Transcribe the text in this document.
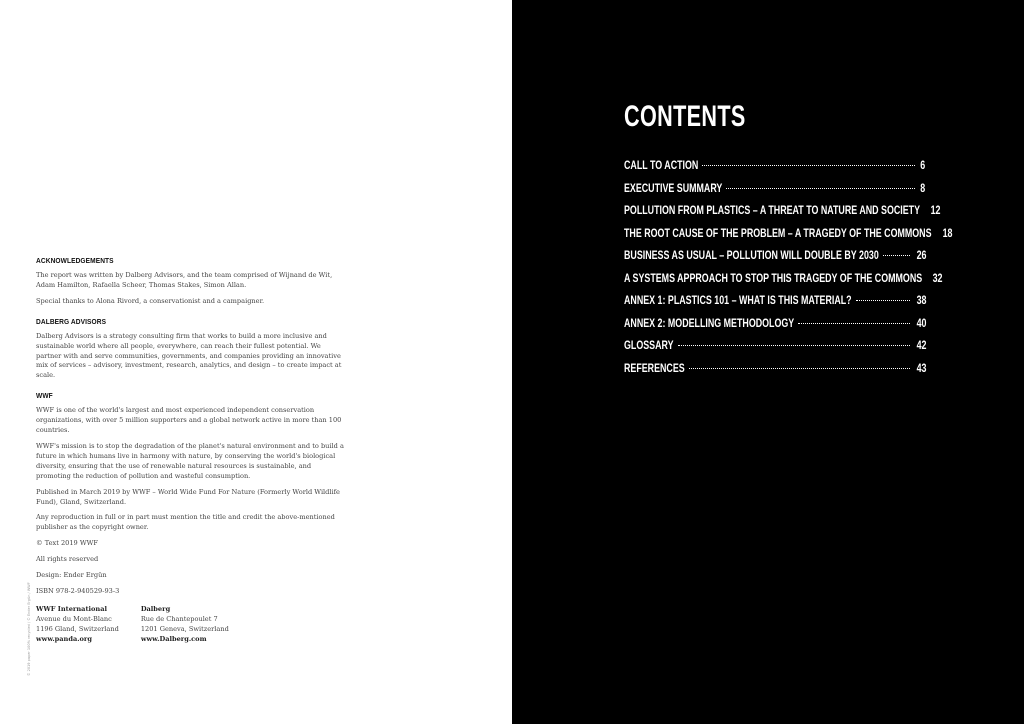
ACKNOWLEDGEMENTS

The report was written by Dalberg Advisors, and the team comprised of Wijnand de Wit, Adam Hamilton, Rafaella Scheer, Thomas Stakes, Simon Allan.

Special thanks to Alona Rivord, a conservationist and a campaigner.

DALBERG ADVISORS

Dalberg Advisors is a strategy consulting firm that works to build a more inclusive and sustainable world where all people, everywhere, can reach their fullest potential. We partner with and serve communities, governments, and companies providing an innovative mix of services – advisory, investment, research, analytics, and design – to create impact at scale.

WWF

WWF is one of the world's largest and most experienced independent conservation organizations, with over 5 million supporters and a global network active in more than 100 countries.

WWF's mission is to stop the degradation of the planet's natural environment and to build a future in which humans live in harmony with nature, by conserving the world's biological diversity, ensuring that the use of renewable natural resources is sustainable, and promoting the reduction of pollution and wasteful consumption.

Published in March 2019 by WWF – World Wide Fund For Nature (Formerly World Wildlife Fund), Gland, Switzerland.

Any reproduction in full or in part must mention the title and credit the above-mentioned publisher as the copyright owner.

© Text 2019 WWF

All rights reserved

Design: Ender Ergün

ISBN 978-2-940529-93-3

WWF International
Avenue du Mont-Blanc
1196 Gland, Switzerland
www.panda.org
Dalberg
Rue de Chantepoulet 7
1201 Geneva, Switzerland
www.Dalberg.com
© 2019 paper 100% recycled / © Ender Ergün / WWF
CONTENTS
CALL TO ACTION	6
EXECUTIVE SUMMARY	8
POLLUTION FROM PLASTICS – A THREAT TO NATURE AND SOCIETY 12
THE ROOT CAUSE OF THE PROBLEM – A TRAGEDY OF THE COMMONS 18
BUSINESS AS USUAL – POLLUTION WILL DOUBLE BY 2030	26
A SYSTEMS APPROACH TO STOP THIS TRAGEDY OF THE COMMONS 32
ANNEX 1: PLASTICS 101 – WHAT IS THIS MATERIAL?	38
ANNEX 2: MODELLING METHODOLOGY	40
GLOSSARY	42
REFERENCES	43
